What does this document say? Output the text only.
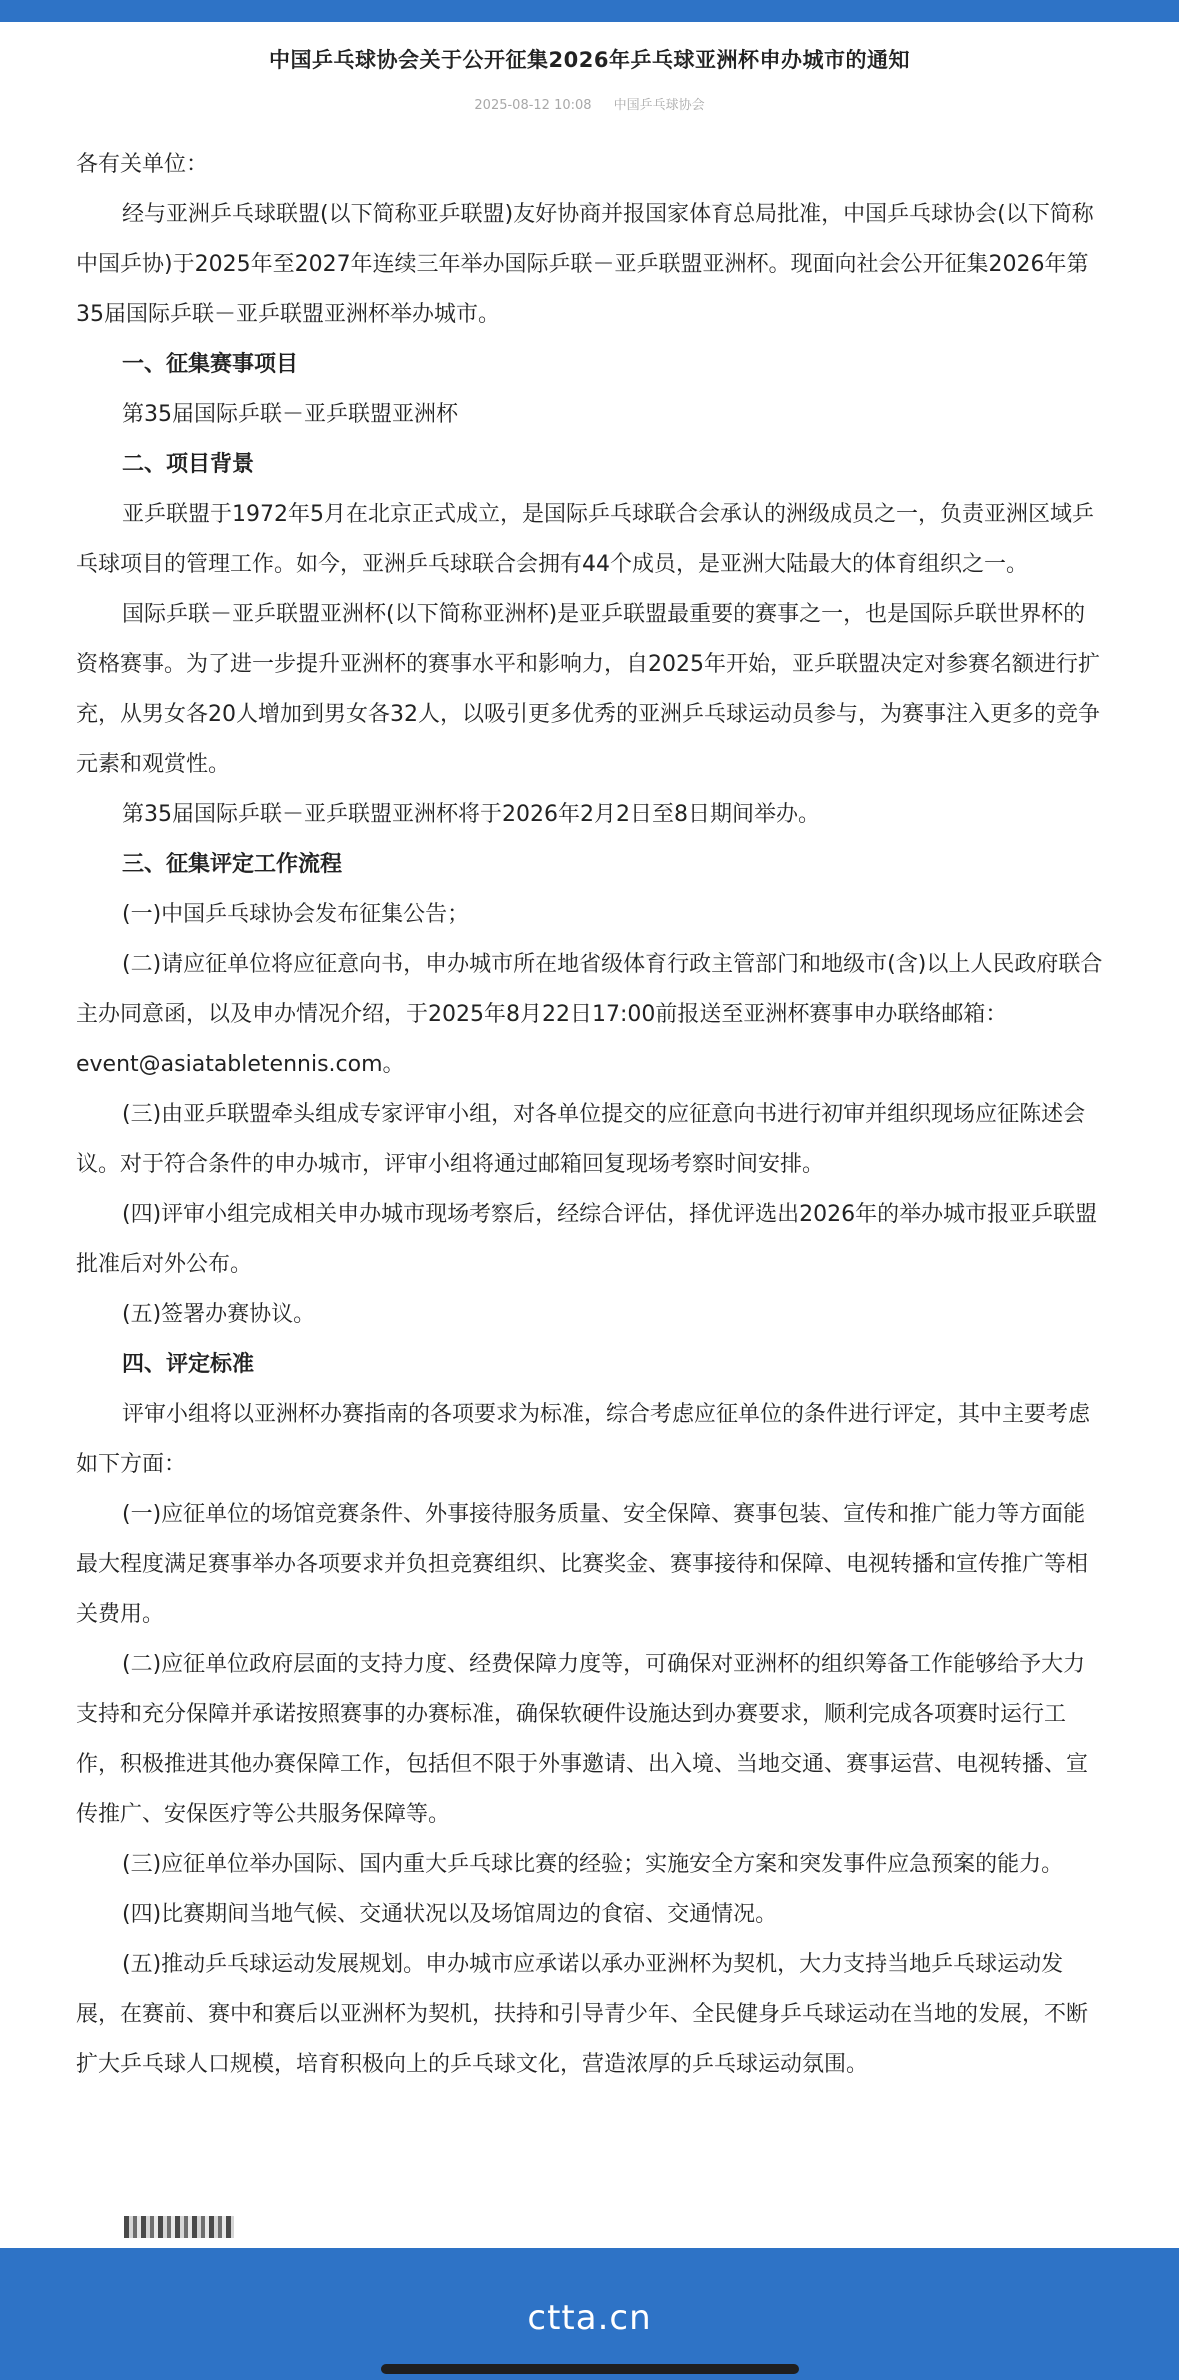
中国乒乓球协会关于公开征集2026年乒乓球亚洲杯申办城市的通知
2025-08-12 10:08 中国乒乓球协会

各有关单位：

经与亚洲乒乓球联盟(以下简称亚乒联盟)友好协商并报国家体育总局批准，中国乒乓球协会(以下简称中国乒协)于2025年至2027年连续三年举办国际乒联－亚乒联盟亚洲杯。现面向社会公开征集2026年第35届国际乒联－亚乒联盟亚洲杯举办城市。

一、征集赛事项目

第35届国际乒联－亚乒联盟亚洲杯

二、项目背景

亚乒联盟于1972年5月在北京正式成立，是国际乒乓球联合会承认的洲级成员之一，负责亚洲区域乒乓球项目的管理工作。如今，亚洲乒乓球联合会拥有44个成员，是亚洲大陆最大的体育组织之一。

国际乒联－亚乒联盟亚洲杯(以下简称亚洲杯)是亚乒联盟最重要的赛事之一，也是国际乒联世界杯的资格赛事。为了进一步提升亚洲杯的赛事水平和影响力，自2025年开始，亚乒联盟决定对参赛名额进行扩充，从男女各20人增加到男女各32人，以吸引更多优秀的亚洲乒乓球运动员参与，为赛事注入更多的竞争元素和观赏性。

第35届国际乒联－亚乒联盟亚洲杯将于2026年2月2日至8日期间举办。

三、征集评定工作流程

(一)中国乒乓球协会发布征集公告；

(二)请应征单位将应征意向书，申办城市所在地省级体育行政主管部门和地级市(含)以上人民政府联合主办同意函，以及申办情况介绍，于2025年8月22日17:00前报送至亚洲杯赛事申办联络邮箱：event@asiatabletennis.com。

(三)由亚乒联盟牵头组成专家评审小组，对各单位提交的应征意向书进行初审并组织现场应征陈述会议。对于符合条件的申办城市，评审小组将通过邮箱回复现场考察时间安排。

(四)评审小组完成相关申办城市现场考察后，经综合评估，择优评选出2026年的举办城市报亚乒联盟批准后对外公布。

(五)签署办赛协议。

四、评定标准

评审小组将以亚洲杯办赛指南的各项要求为标准，综合考虑应征单位的条件进行评定，其中主要考虑如下方面：

(一)应征单位的场馆竞赛条件、外事接待服务质量、安全保障、赛事包装、宣传和推广能力等方面能最大程度满足赛事举办各项要求并负担竞赛组织、比赛奖金、赛事接待和保障、电视转播和宣传推广等相关费用。

(二)应征单位政府层面的支持力度、经费保障力度等，可确保对亚洲杯的组织筹备工作能够给予大力支持和充分保障并承诺按照赛事的办赛标准，确保软硬件设施达到办赛要求，顺利完成各项赛时运行工作，积极推进其他办赛保障工作，包括但不限于外事邀请、出入境、当地交通、赛事运营、电视转播、宣传推广、安保医疗等公共服务保障等。

(三)应征单位举办国际、国内重大乒乓球比赛的经验；实施安全方案和突发事件应急预案的能力。

(四)比赛期间当地气候、交通状况以及场馆周边的食宿、交通情况。

(五)推动乒乓球运动发展规划。申办城市应承诺以承办亚洲杯为契机，大力支持当地乒乓球运动发展，在赛前、赛中和赛后以亚洲杯为契机，扶持和引导青少年、全民健身乒乓球运动在当地的发展，不断扩大乒乓球人口规模，培育积极向上的乒乓球文化，营造浓厚的乒乓球运动氛围。

ctta.cn
